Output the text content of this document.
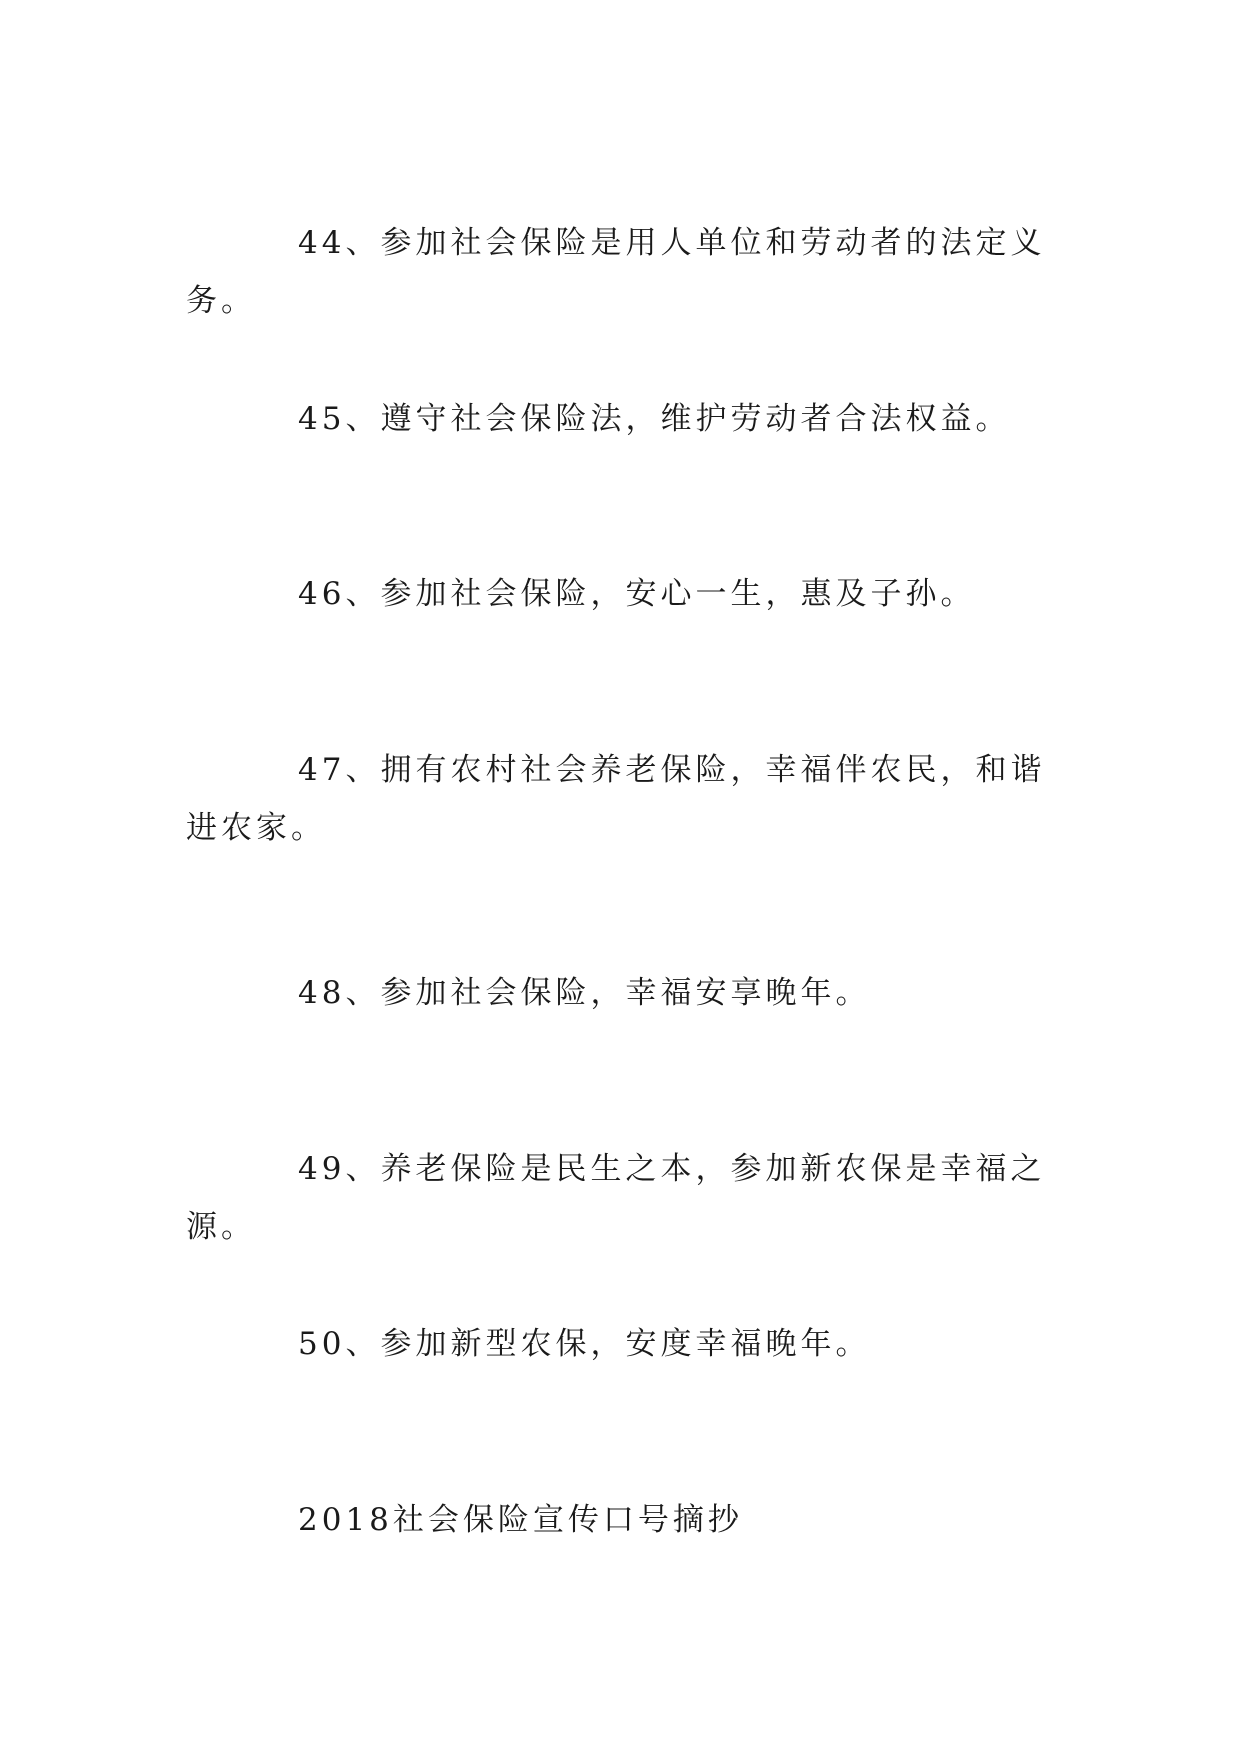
44、参加社会保险是用人单位和劳动者的法定义务。

45、遵守社会保险法，维护劳动者合法权益。

46、参加社会保险，安心一生，惠及子孙。

47、拥有农村社会养老保险，幸福伴农民，和谐进农家。

48、参加社会保险，幸福安享晚年。

49、养老保险是民生之本，参加新农保是幸福之源。

50、参加新型农保，安度幸福晚年。

2018社会保险宣传口号摘抄
